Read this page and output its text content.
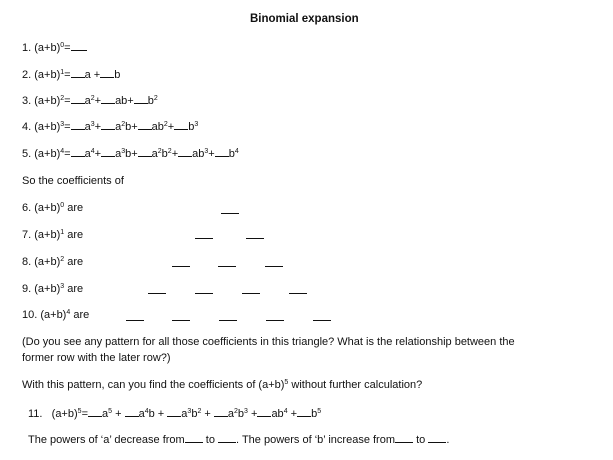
Binomial expansion
1. $(a+b)^0=$
2. $(a+b)^1= a + b$
3. $(a+b)^2= a^2+ ab+ b^2$
4. $(a+b)^3= a^3+ a^2b+ ab^2+ b^3$
5. $(a+b)^4= a^4+ a^3b+ a^2b^2+ ab^3+ b^4$
So the coefficients of
6. $(a+b)^0$ are
7. $(a+b)^1$ are
8. $(a+b)^2$ are
9. $(a+b)^3$ are
10. $(a+b)^4$ are
(Do you see any pattern for all those coefficients in this triangle? What is the relationship between the
former row with the later row?)
With this pattern, can you find the coefficients of $(a+b)^5$ without further calculation?
11. $(a+b)^5= a^5 + a^4b + a^3b^2 + a^2b^3 + ab^4 + b^5$
The powers of ‘a’ decrease from to . The powers of ‘b’ increase from to .
